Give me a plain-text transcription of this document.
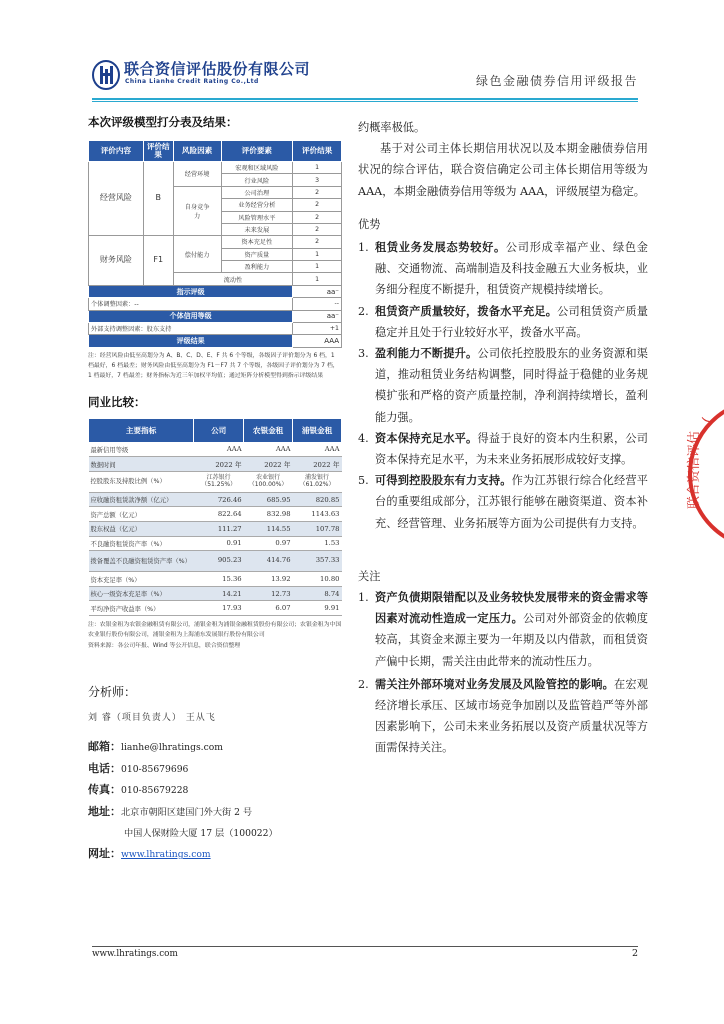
联合资信评估股份有限公司
China Lianhe Credit Rating Co.,Ltd	绿色金融债券信用评级报告
本次评级模型打分表及结果：
评价内容	评价结果	风险因素	评价要素	评价结果
经营风险	B	经营环境	宏观和区域风险	1
			行业风险	3
		自身竞争力	公司治理	2
			业务经营分析	2
			风险管理水平	2
			未来发展	2
财务风险	F1	偿付能力	资本充足性	2
			资产质量	1
			盈利能力	1
		流动性		1
指示评级				aa⁻
个体调整因素：--				--
个体信用等级				aa⁻
外部支持调整因素：股东支持				+1
评级结果				AAA
注：经营风险由低至高划分为 A、B、C、D、E、F 共 6 个等级，各级因子评价划分为 6 档，1 档最好，6 档最差；财务风险由低至高划分为 F1－F7 共 7 个等级，各级因子评价划分为 7 档，1 档最好，7 档最差；财务指标为近三年加权平均值；通过矩阵分析模型得到指示评级结果
同业比较：
主要指标	公司	农银金租	浦银金租
最新信用等级	AAA	AAA	AAA
数据时间	2022 年	2022 年	2022 年
控股股东及持股比例（%）	江苏银行（51.25%）	农业银行（100.00%）	浦发银行（61.02%）
应收融资租赁款净额（亿元）	726.46	685.95	820.85
资产总额（亿元）	822.64	832.98	1143.63
股东权益（亿元）	111.27	114.55	107.78
不良融资租赁资产率（%）	0.91	0.97	1.53
拨备覆盖不良融资租赁资产率（%）	905.23	414.76	357.33
资本充足率（%）	15.36	13.92	10.80
核心一级资本充足率（%）	14.21	12.73	8.74
平均净资产收益率（%）	17.93	6.07	9.91
注：农银金租为农银金融租赁有限公司，浦银金租为浦银金融租赁股份有限公司；农银金租为中国农业银行股份有限公司，浦银金租为上海浦东发展银行股份有限公司
资料来源：各公司年报、Wind 等公开信息，联合资信整理
分析师：
刘 睿（项目负责人） 王从飞
邮箱：lianhe@lhratings.com
电话：010-85679696
传真：010-85679228
地址：北京市朝阳区建国门外大街 2 号
中国人保财险大厦 17 层（100022）
网址：www.lhratings.com

约概率极低。

基于对公司主体长期信用状况以及本期金融债券信用状况的综合评估，联合资信确定公司主体长期信用等级为 AAA，本期金融债券信用等级为 AAA，评级展望为稳定。

优势
1. 租赁业务发展态势较好。公司形成幸福产业、绿色金融、交通物流、高端制造及科技金融五大业务板块，业务细分程度不断提升，租赁资产规模持续增长。
2. 租赁资产质量较好，拨备水平充足。公司租赁资产质量稳定并且处于行业较好水平，拨备水平高。
3. 盈利能力不断提升。公司依托控股股东的业务资源和渠道，推动租赁业务结构调整，同时得益于稳健的业务规模扩张和严格的资产质量控制，净利润持续增长，盈利能力强。
4. 资本保持充足水平。得益于良好的资本内生积累，公司资本保持充足水平，为未来业务拓展形成较好支撑。
5. 可得到控股股东有力支持。作为江苏银行综合化经营平台的重要组成部分，江苏银行能够在融资渠道、资本补充、经营管理、业务拓展等方面为公司提供有力支持。
关注
1. 资产负债期限错配以及业务较快发展带来的资金需求等因素对流动性造成一定压力。公司对外部资金的依赖度较高，其资金来源主要为一年期及以内借款，而租赁资产偏中长期，需关注由此带来的流动性压力。
2. 需关注外部环境对业务发展及风险管控的影响。在宏观经济增长承压、区域市场竞争加剧以及监管趋严等外部因素影响下，公司未来业务拓展以及资产质量状况等方面需保持关注。
(
联合资信评估
www.lhratings.com	2
